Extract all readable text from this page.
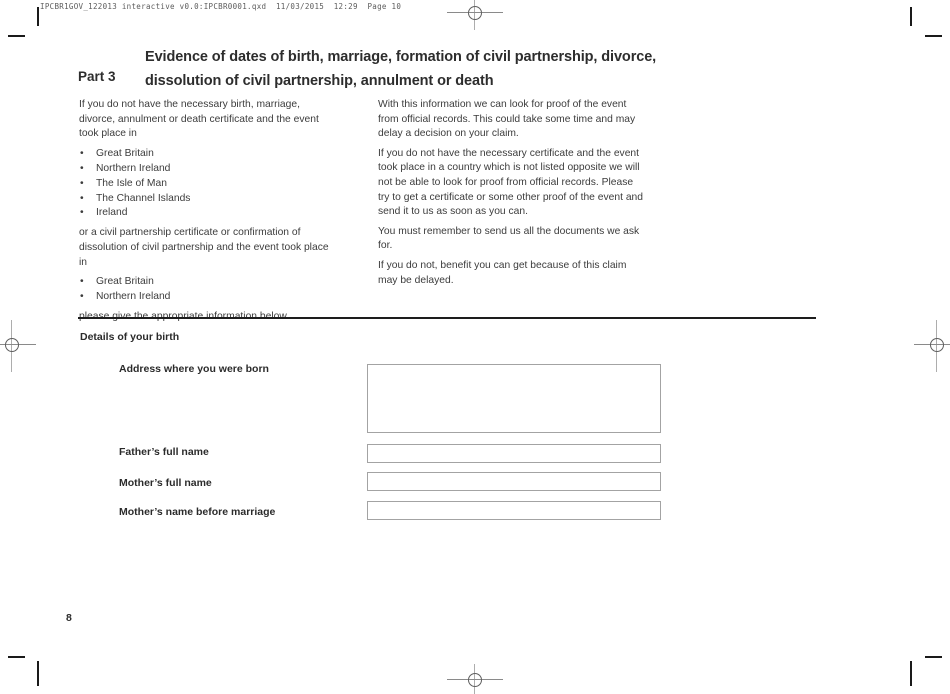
IPCBR1GOV_122013 interactive v0.0:IPCBR0001.qxd  11/03/2015  12:29  Page 10
Part 3
Evidence of dates of birth, marriage, formation of civil partnership, divorce,
dissolution of civil partnership, annulment or death

If you do not have the necessary birth, marriage, divorce, annulment or death certificate and the event took place in

• Great Britain
• Northern Ireland
• The Isle of Man
• The Channel Islands
• Ireland

or a civil partnership certificate or confirmation of dissolution of civil partnership and the event took place in

• Great Britain
• Northern Ireland

With this information we can look for proof of the event from official records. This could take some time and may delay a decision on your claim.

If you do not have the necessary certificate and the event took place in a country which is not listed opposite we will not be able to look for proof from official records. Please try to get a certificate or some other proof of the event and send it to us as soon as you can.

You must remember to send us all the documents we ask for.

If you do not, benefit you can get because of this claim may be delayed.

Details of your birth
Address where you were born
Father’s full name
Mother’s full name
Mother’s name before marriage
8
